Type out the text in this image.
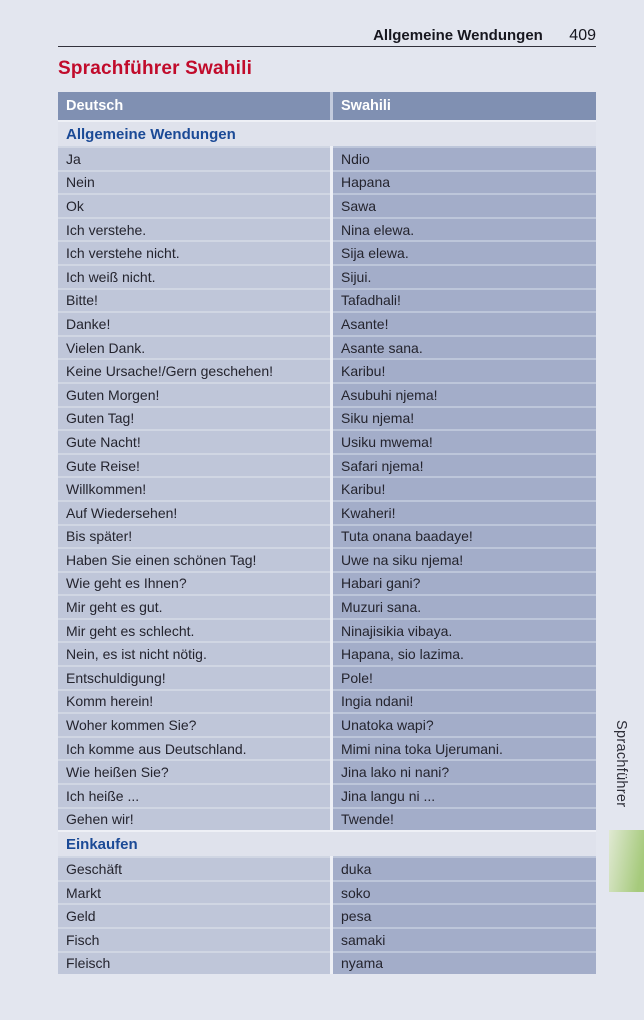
Allgemeine Wendungen 409
Sprachführer Swahili
Deutsch	Swahili
Allgemeine Wendungen
Ja	Ndio
Nein	Hapana
Ok	Sawa
Ich verstehe.	Nina elewa.
Ich verstehe nicht.	Sija elewa.
Ich weiß nicht.	Sijui.
Bitte!	Tafadhali!
Danke!	Asante!
Vielen Dank.	Asante sana.
Keine Ursache!/Gern geschehen!	Karibu!
Guten Morgen!	Asubuhi njema!
Guten Tag!	Siku njema!
Gute Nacht!	Usiku mwema!
Gute Reise!	Safari njema!
Willkommen!	Karibu!
Auf Wiedersehen!	Kwaheri!
Bis später!	Tuta onana baadaye!
Haben Sie einen schönen Tag!	Uwe na siku njema!
Wie geht es Ihnen?	Habari gani?
Mir geht es gut.	Muzuri sana.
Mir geht es schlecht.	Ninajisikia vibaya.
Nein, es ist nicht nötig.	Hapana, sio lazima.
Entschuldigung!	Pole!
Komm herein!	Ingia ndani!
Woher kommen Sie?	Unatoka wapi?
Ich komme aus Deutschland.	Mimi nina toka Ujerumani.
Wie heißen Sie?	Jina lako ni nani?
Ich heiße ...	Jina langu ni ...
Gehen wir!	Twende!
Einkaufen
Geschäft	duka
Markt	soko
Geld	pesa
Fisch	samaki
Fleisch	nyama
Sprachführer
